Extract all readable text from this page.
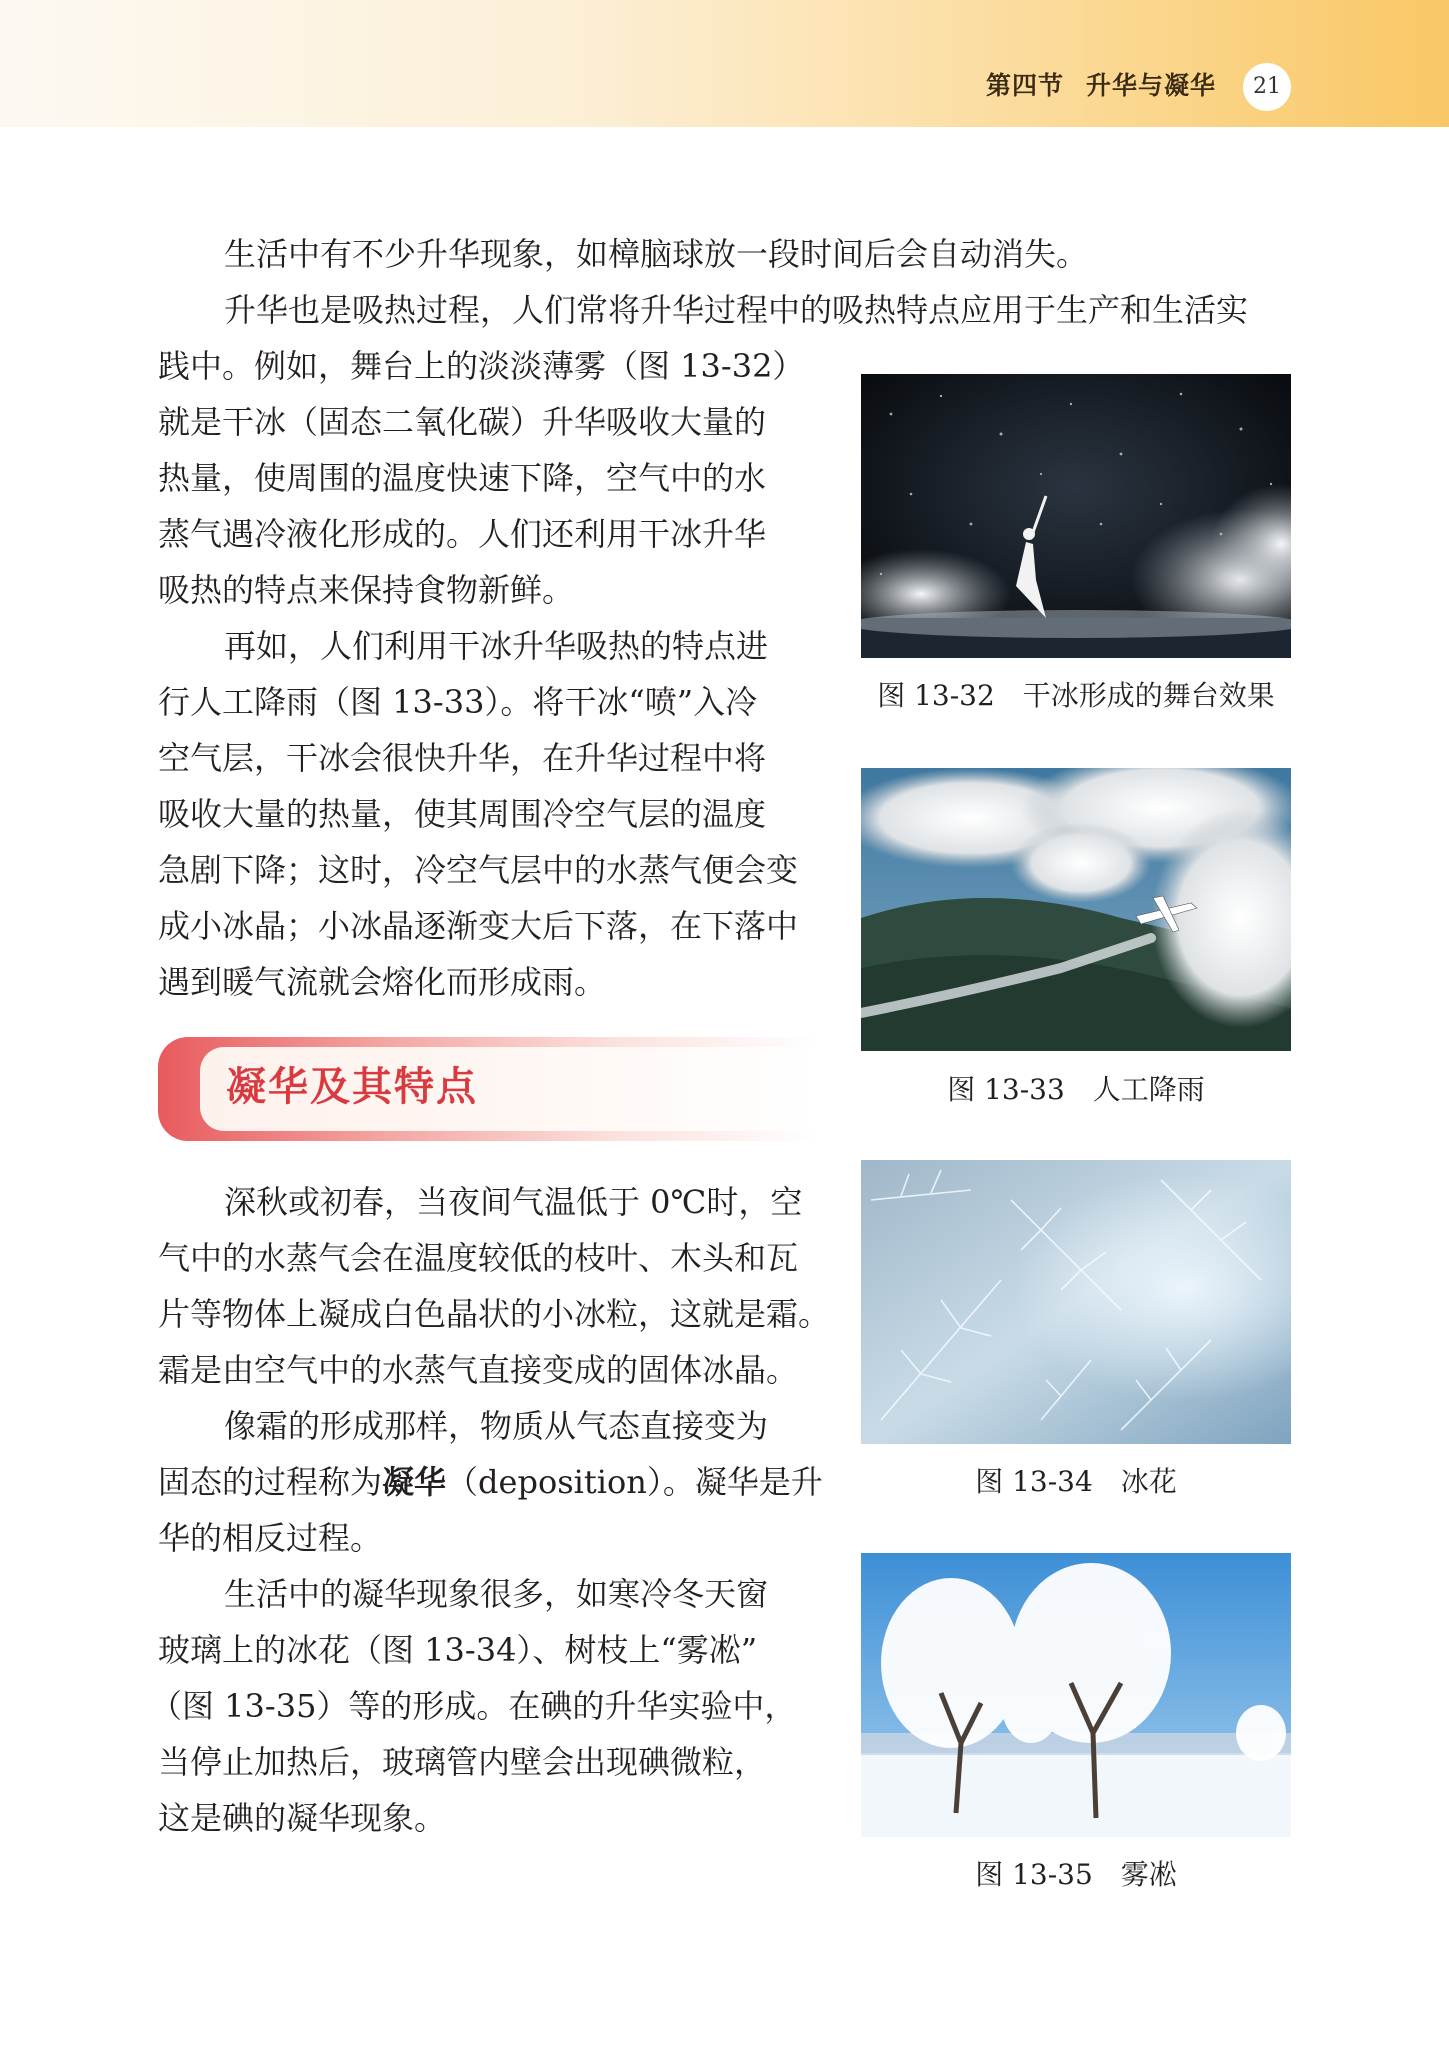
第四节 升华与凝华	21

生活中有不少升华现象，如樟脑球放一段时间后会自动消失。

升华也是吸热过程，人们常将升华过程中的吸热特点应用于生产和生活实

践中。例如，舞台上的淡淡薄雾（图 13-32）

就是干冰（固态二氧化碳）升华吸收大量的

热量，使周围的温度快速下降，空气中的水

蒸气遇冷液化形成的。人们还利用干冰升华

吸热的特点来保持食物新鲜。

再如，人们利用干冰升华吸热的特点进

行人工降雨（图 13-33）。将干冰“喷”入冷

空气层，干冰会很快升华，在升华过程中将

吸收大量的热量，使其周围冷空气层的温度

急剧下降；这时，冷空气层中的水蒸气便会变

成小冰晶；小冰晶逐渐变大后下落，在下落中

遇到暖气流就会熔化而形成雨。

凝华及其特点

深秋或初春，当夜间气温低于 0℃时，空

气中的水蒸气会在温度较低的枝叶、木头和瓦

片等物体上凝成白色晶状的小冰粒，这就是霜。

霜是由空气中的水蒸气直接变成的固体冰晶。

像霜的形成那样，物质从气态直接变为

固态的过程称为凝华（deposition）。凝华是升

华的相反过程。

生活中的凝华现象很多，如寒冷冬天窗

玻璃上的冰花（图 13-34）、树枝上“雾凇”

（图 13-35）等的形成。在碘的升华实验中，

当停止加热后，玻璃管内壁会出现碘微粒，

这是碘的凝华现象。

图 13-32　干冰形成的舞台效果
图 13-33　人工降雨
图 13-34　冰花
图 13-35　雾凇
